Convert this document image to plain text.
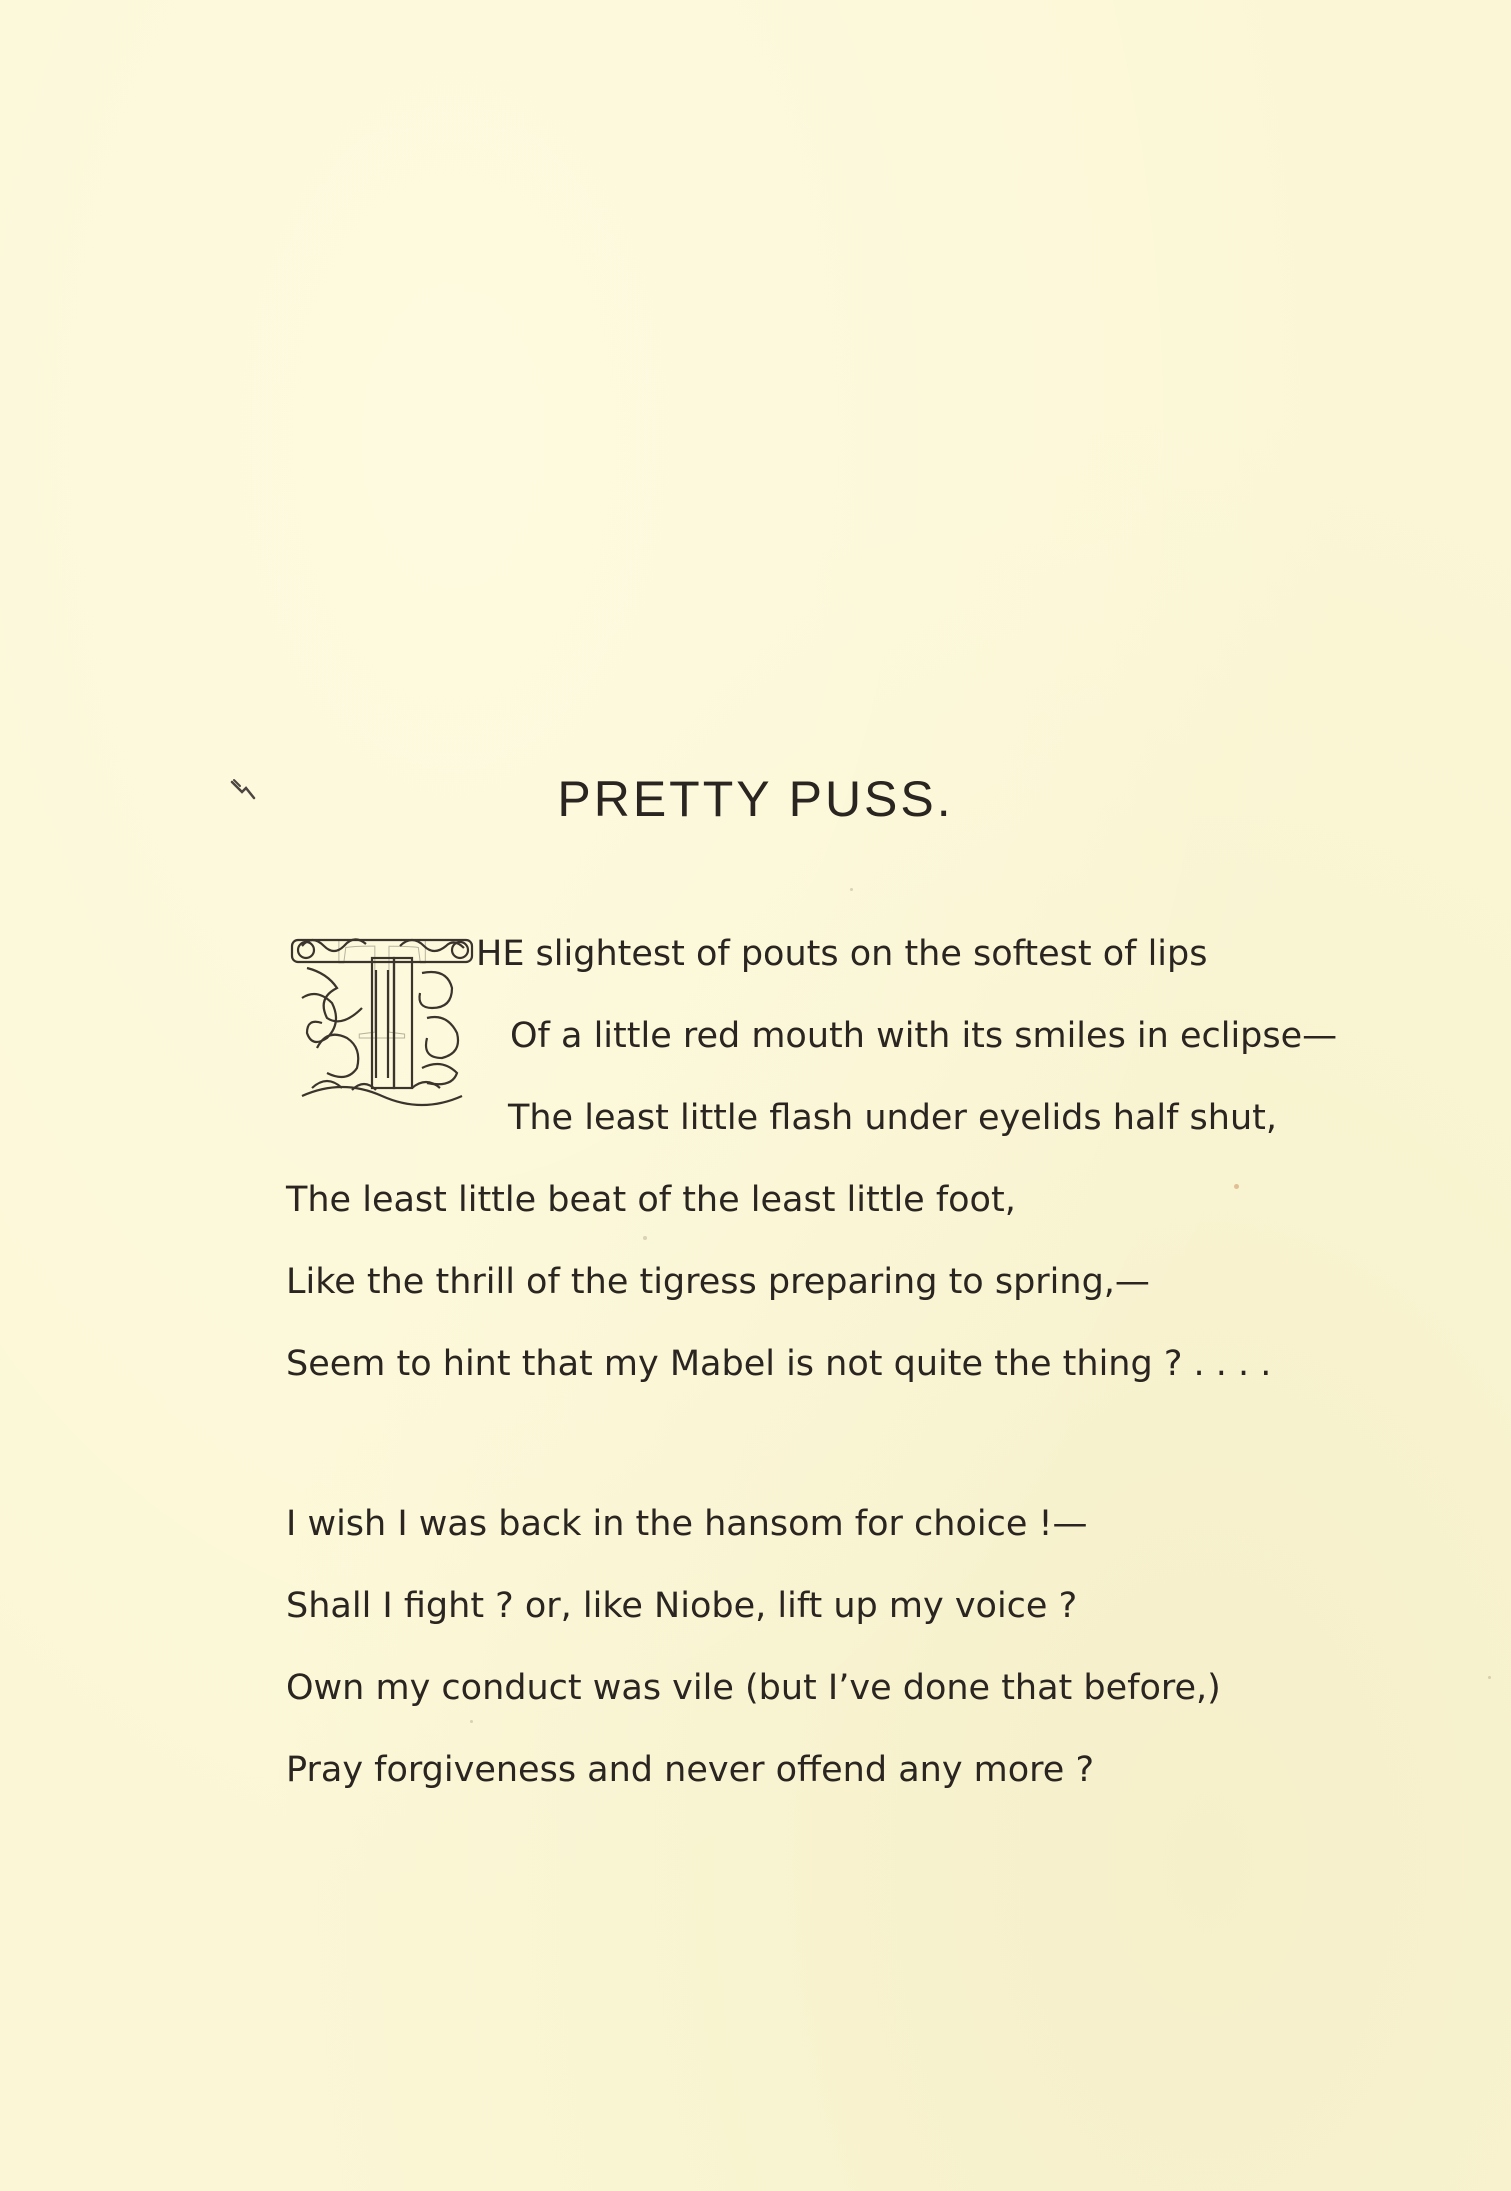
PRETTY PUSS.
T HE slightest of pouts on the softest of lips

Of a little red mouth with its smiles in eclipse—

The least little flash under eyelids half shut,

The least little beat of the least little foot,

Like the thrill of the tigress preparing to spring,—

Seem to hint that my Mabel is not quite the thing ? . . . .

I wish I was back in the hansom for choice !—

Shall I fight ? or, like Niobe, lift up my voice ?

Own my conduct was vile (but I’ve done that before,)

Pray forgiveness and never offend any more ?
